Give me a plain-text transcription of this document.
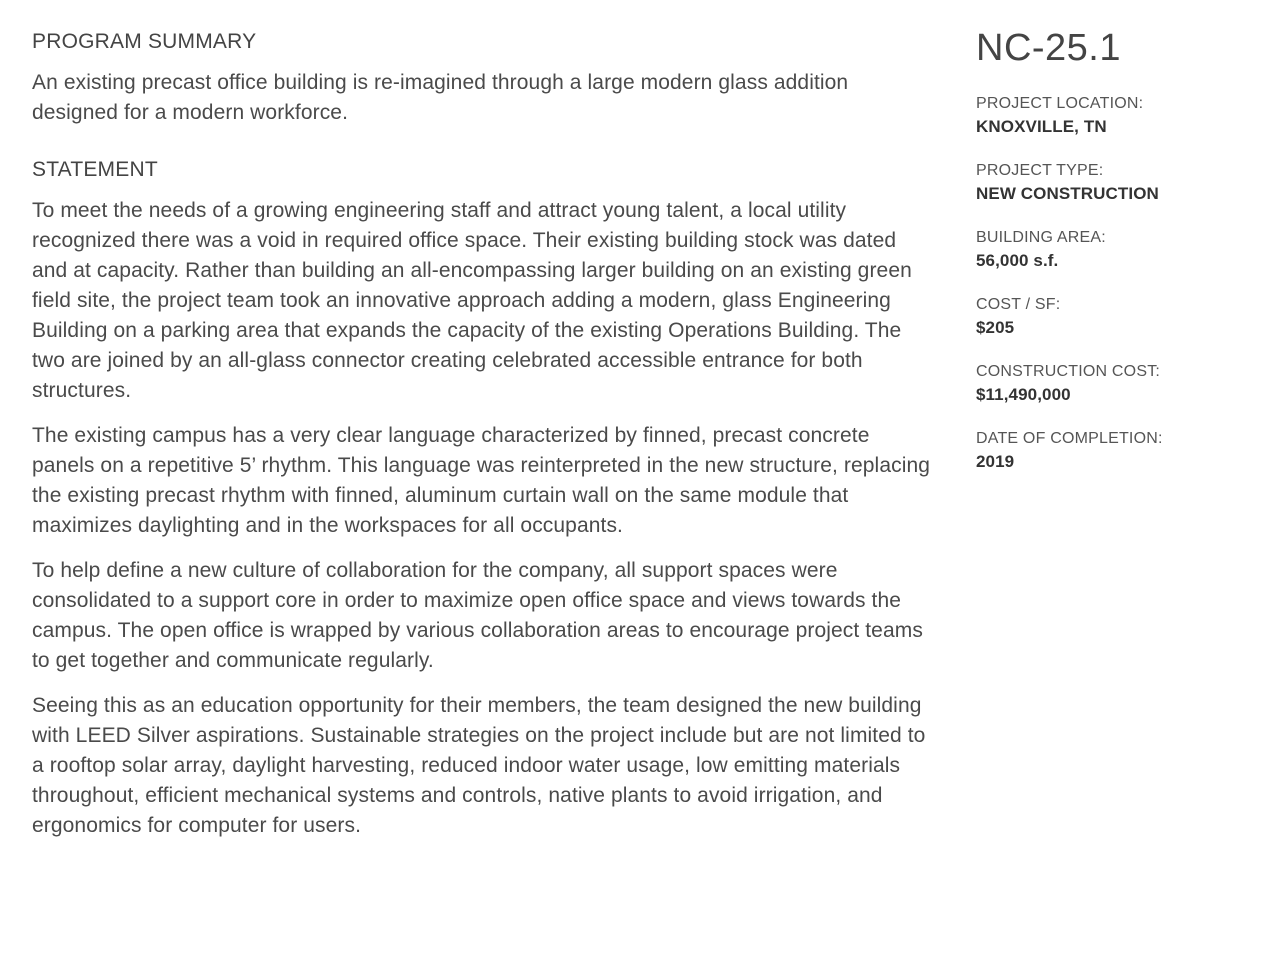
PROGRAM SUMMARY

An existing precast office building is re-imagined through a large modern glass addition designed for a modern workforce.

STATEMENT

To meet the needs of a growing engineering staff and attract young talent, a local utility recognized there was a void in required office space. Their existing building stock was dated and at capacity. Rather than building an all-encompassing larger building on an existing green field site, the project team took an innovative approach adding a modern, glass Engineering Building on a parking area that expands the capacity of the existing Operations Building. The two are joined by an all-glass connector creating celebrated accessible entrance for both structures.

The existing campus has a very clear language characterized by finned, precast concrete panels on a repetitive 5’ rhythm. This language was reinterpreted in the new structure, replacing the existing precast rhythm with finned, aluminum curtain wall on the same module that maximizes daylighting and in the workspaces for all occupants.

To help define a new culture of collaboration for the company, all support spaces were consolidated to a support core in order to maximize open office space and views towards the campus. The open office is wrapped by various collaboration areas to encourage project teams to get together and communicate regularly.

Seeing this as an education opportunity for their members, the team designed the new building with LEED Silver aspirations. Sustainable strategies on the project include but are not limited to a rooftop solar array, daylight harvesting, reduced indoor water usage, low emitting materials throughout, efficient mechanical systems and controls, native plants to avoid irrigation, and ergonomics for computer for users.

NC-25.1
PROJECT LOCATION:
KNOXVILLE, TN
PROJECT TYPE:
NEW CONSTRUCTION
BUILDING AREA:
56,000 s.f.
COST / SF:
$205
CONSTRUCTION COST:
$11,490,000
DATE OF COMPLETION:
2019
